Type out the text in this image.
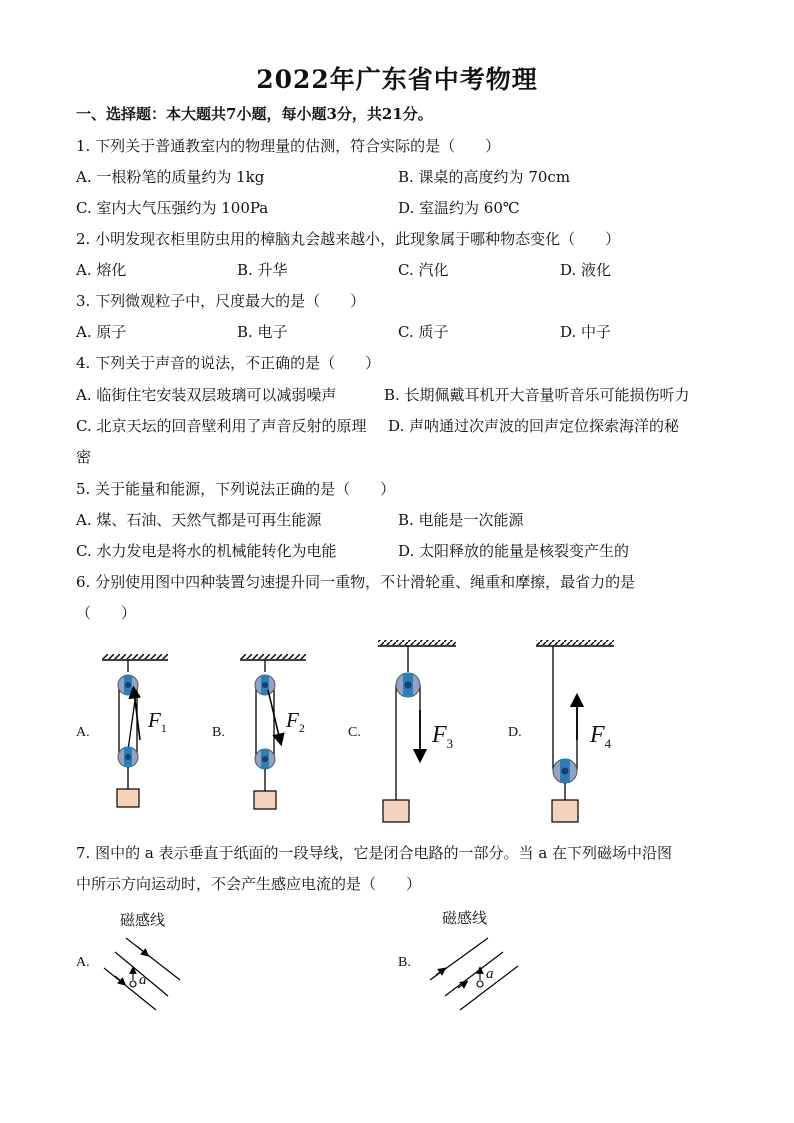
2022年广东省中考物理
一、选择题：本大题共7小题，每小题3分，共21分。
1. 下列关于普通教室内的物理量的估测，符合实际的是（　　）
A. 一根粉笔的质量约为 1kg	B. 课桌的高度约为 70cm
C. 室内大气压强约为 100Pa	D. 室温约为 60℃
2. 小明发现衣柜里防虫用的樟脑丸会越来越小，此现象属于哪种物态变化（　　）
A. 熔化	B. 升华	C. 汽化	D. 液化
3. 下列微观粒子中，尺度最大的是（　　）
A. 原子	B. 电子	C. 质子	D. 中子
4. 下列关于声音的说法，不正确的是（　　）
A. 临街住宅安装双层玻璃可以减弱噪声	B. 长期佩戴耳机开大音量听音乐可能损伤听力
C. 北京天坛的回音壁利用了声音反射的原理 D. 声呐通过次声波的回声定位探索海洋的秘
密
5. 关于能量和能源，下列说法正确的是（　　）
A. 煤、石油、天然气都是可再生能源	B. 电能是一次能源
C. 水力发电是将水的机械能转化为电能	D. 太阳释放的能量是核裂变产生的
6. 分别使用图中四种装置匀速提升同一重物，不计滑轮重、绳重和摩擦，最省力的是
（　　）
A.	B.	C.	D.
$F_1$	$F_2$	$F_3$	$F_4$
7. 图中的 a 表示垂直于纸面的一段导线，它是闭合电路的一部分。当 a 在下列磁场中沿图
中所示方向运动时，不会产生感应电流的是（　　）
磁感线	磁感线
A.	B.
a	a
